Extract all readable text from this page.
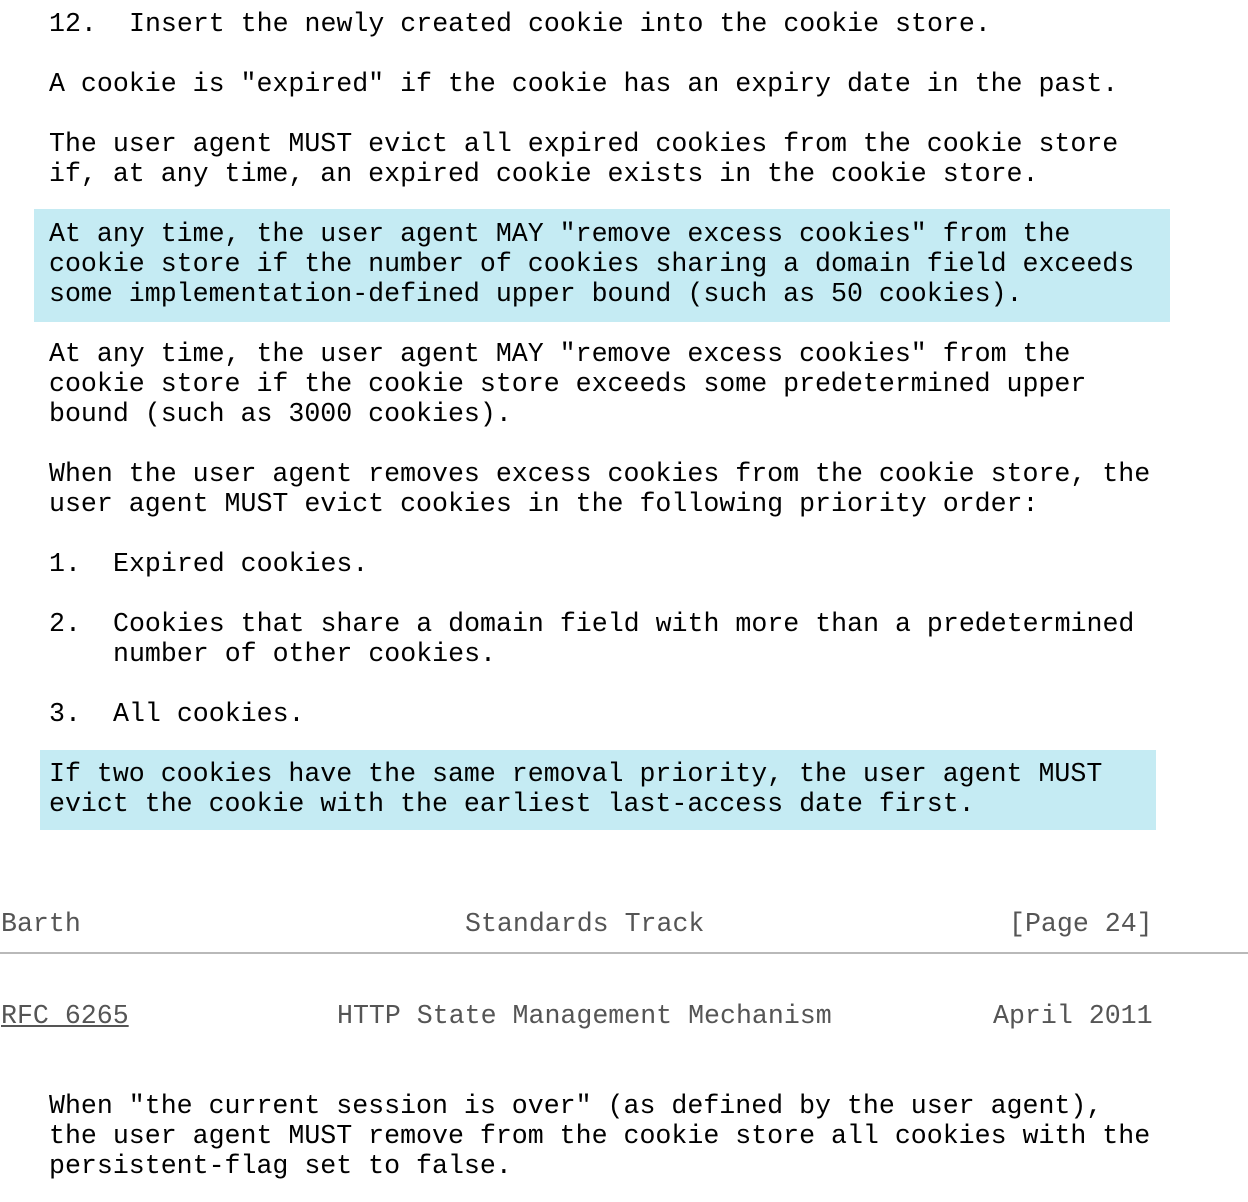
12. Insert the newly created cookie into the cookie store.
A cookie is "expired" if the cookie has an expiry date in the past.
The user agent MUST evict all expired cookies from the cookie store
if, at any time, an expired cookie exists in the cookie store.
At any time, the user agent MAY "remove excess cookies" from the
cookie store if the number of cookies sharing a domain field exceeds
some implementation-defined upper bound (such as 50 cookies).
At any time, the user agent MAY "remove excess cookies" from the
cookie store if the cookie store exceeds some predetermined upper
bound (such as 3000 cookies).
When the user agent removes excess cookies from the cookie store, the
user agent MUST evict cookies in the following priority order:
1. Expired cookies.
2. Cookies that share a domain field with more than a predetermined
number of other cookies.
3. All cookies.
If two cookies have the same removal priority, the user agent MUST
evict the cookie with the earliest last-access date first.
Barth	Standards Track	[Page 24]
RFC 6265	HTTP State Management Mechanism	April 2011
When "the current session is over" (as defined by the user agent),
the user agent MUST remove from the cookie store all cookies with the
persistent-flag set to false.
